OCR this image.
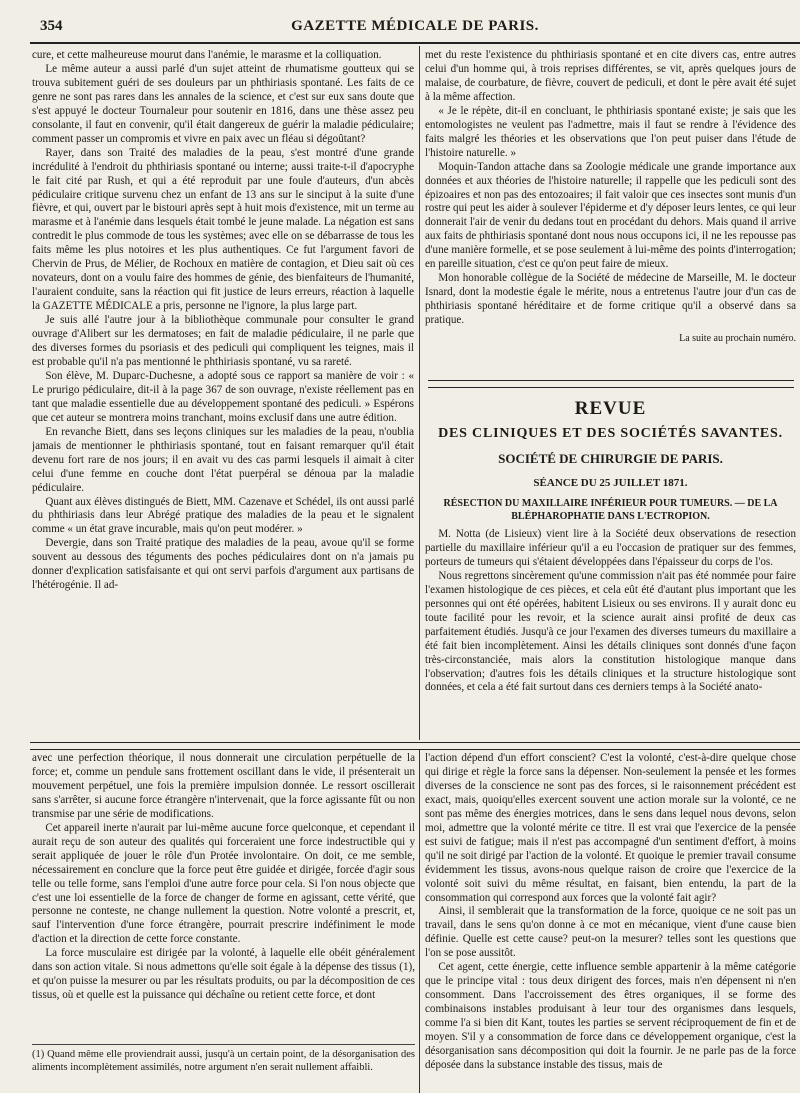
354	GAZETTE MÉDICALE DE PARIS.

cure, et cette malheureuse mourut dans l'anémie, le marasme et la colliquation.

Le même auteur a aussi parlé d'un sujet atteint de rhumatisme goutteux qui se trouva subitement guéri de ses douleurs par un phthiriasis spontané. Les faits de ce genre ne sont pas rares dans les annales de la science, et c'est sur eux sans doute que s'est appuyé le docteur Tournaleur pour soutenir en 1816, dans une thèse assez peu consolante, il faut en convenir, qu'il était dangereux de guérir la maladie pédiculaire; comment passer un compromis et vivre en paix avec un fléau si dégoûtant?

Rayer, dans son Traité des maladies de la peau, s'est montré d'une grande incrédulité à l'endroit du phthiriasis spontané ou interne; aussi traite-t-il d'apocryphe le fait cité par Rush, et qui a été reproduit par une foule d'auteurs, d'un abcès pédiculaire critique survenu chez un enfant de 13 ans sur le sinciput à la suite d'une fièvre, et qui, ouvert par le bistouri après sept à huit mois d'existence, mit un terme au marasme et à l'anémie dans lesquels était tombé le jeune malade. La négation est sans contredit le plus commode de tous les systèmes; avec elle on se débarrasse de tous les faits même les plus notoires et les plus authentiques. Ce fut l'argument favori de Chervin de Prus, de Mélier, de Rochoux en matière de contagion, et Dieu sait où ces novateurs, dont on a voulu faire des hommes de génie, des bienfaiteurs de l'humanité, l'auraient conduite, sans la réaction qui fit justice de leurs erreurs, réaction à laquelle la GAZETTE MÉDICALE a pris, personne ne l'ignore, la plus large part.

Je suis allé l'autre jour à la bibliothèque communale pour consulter le grand ouvrage d'Alibert sur les dermatoses; en fait de maladie pédiculaire, il ne parle que des diverses formes du psoriasis et des pediculi qui compliquent les teignes, mais il est probable qu'il n'a pas mentionné le phthiriasis spontané, vu sa rareté.

Son élève, M. Duparc-Duchesne, a adopté sous ce rapport sa manière de voir : « Le prurigo pédiculaire, dit-il à la page 367 de son ouvrage, n'existe réellement pas en tant que maladie essentielle due au développement spontané des pediculi. » Espérons que cet auteur se montrera moins tranchant, moins exclusif dans une autre édition.

En revanche Biett, dans ses leçons cliniques sur les maladies de la peau, n'oublia jamais de mentionner le phthiriasis spontané, tout en faisant remarquer qu'il était devenu fort rare de nos jours; il en avait vu des cas parmi lesquels il aimait à citer celui d'une femme en couche dont l'état puerpéral se dénoua par la maladie pédiculaire.

Quant aux élèves distingués de Biett, MM. Cazenave et Schédel, ils ont aussi parlé du phthiriasis dans leur Abrégé pratique des maladies de la peau et le signalent comme « un état grave incurable, mais qu'on peut modérer. »

Devergie, dans son Traité pratique des maladies de la peau, avoue qu'il se forme souvent au dessous des téguments des poches pédiculaires dont on n'a jamais pu donner d'explication satisfaisante et qui ont servi parfois d'argument aux partisans de l'hétérogénie. Il ad-

met du reste l'existence du phthiriasis spontané et en cite divers cas, entre autres celui d'un homme qui, à trois reprises différentes, se vit, après quelques jours de malaise, de courbature, de fièvre, couvert de pediculi, et dont le père avait été sujet à la même affection.

« Je le répète, dit-il en concluant, le phthiriasis spontané existe; je sais que les entomologistes ne veulent pas l'admettre, mais il faut se rendre à l'évidence des faits malgré les théories et les observations que l'on peut puiser dans l'étude de l'histoire naturelle. »

Moquin-Tandon attache dans sa Zoologie médicale une grande importance aux données et aux théories de l'histoire naturelle; il rappelle que les pediculi sont des épizoaires et non pas des entozoaires; il fait valoir que ces insectes sont munis d'un rostre qui peut les aider à soulever l'épiderme et d'y déposer leurs lentes, ce qui leur donnerait l'air de venir du dedans tout en procédant du dehors. Mais quand il arrive aux faits de phthiriasis spontané dont nous nous occupons ici, il ne les repousse pas d'une manière formelle, et se pose seulement à lui-même des points d'interrogation; en pareille situation, c'est ce qu'on peut faire de mieux.

Mon honorable collègue de la Société de médecine de Marseille, M. le docteur Isnard, dont la modestie égale le mérite, nous a entretenus l'autre jour d'un cas de phthiriasis spontané héréditaire et de forme critique qu'il a observé dans sa pratique.

La suite au prochain numéro.
REVUE
DES CLINIQUES ET DES SOCIÉTÉS SAVANTES.
SOCIÉTÉ DE CHIRURGIE DE PARIS.
SÉANCE DU 25 JUILLET 1871.
RÉSECTION DU MAXILLAIRE INFÉRIEUR POUR TUMEURS. — DE LA BLÉPHAROPHATIE DANS L'ECTROPION.

M. Notta (de Lisieux) vient lire à la Société deux observations de resection partielle du maxillaire inférieur qu'il a eu l'occasion de pratiquer sur des femmes, porteurs de tumeurs qui s'étaient développées dans l'épaisseur du corps de l'os.

Nous regrettons sincèrement qu'une commission n'ait pas été nommée pour faire l'examen histologique de ces pièces, et cela eût été d'autant plus important que les personnes qui ont été opérées, habitent Lisieux ou ses environs. Il y aurait donc eu toute facilité pour les revoir, et la science aurait ainsi profité de deux cas parfaitement étudiés. Jusqu'à ce jour l'examen des diverses tumeurs du maxillaire a été fait bien incomplètement. Ainsi les détails cliniques sont donnés d'une façon très-circonstanciée, mais alors la constitution histologique manque dans l'observation; d'autres fois les détails cliniques et la structure histologique sont données, et cela a été fait surtout dans ces derniers temps à la Société anato-

avec une perfection théorique, il nous donnerait une circulation perpétuelle de la force; et, comme un pendule sans frottement oscillant dans le vide, il présenterait un mouvement perpétuel, une fois la première impulsion donnée. Le ressort oscillerait sans s'arrêter, si aucune force étrangère n'intervenait, que la force agissante fût ou non transmise par une série de modifications.

Cet appareil inerte n'aurait par lui-même aucune force quelconque, et cependant il aurait reçu de son auteur des qualités qui forceraient une force indestructible qui y serait appliquée de jouer le rôle d'un Protée involontaire. On doit, ce me semble, nécessairement en conclure que la force peut être guidée et dirigée, forcée d'agir sous telle ou telle forme, sans l'emploi d'une autre force pour cela. Si l'on nous objecte que c'est une loi essentielle de la force de changer de forme en agissant, cette vérité, que personne ne conteste, ne change nullement la question. Notre volonté a prescrit, et, sauf l'intervention d'une force étrangère, pourrait prescrire indéfiniment le mode d'action et la direction de cette force constante.

La force musculaire est dirigée par la volonté, à laquelle elle obéit généralement dans son action vitale. Si nous admettons qu'elle soit égale à la dépense des tissus (1), et qu'on puisse la mesurer ou par les résultats produits, ou par la décomposition de ces tissus, où et quelle est la puissance qui déchaîne ou retient cette force, et dont

(1) Quand même elle proviendrait aussi, jusqu'à un certain point, de la désorganisation des aliments incomplètement assimilés, notre argument n'en serait nullement affaibli.

l'action dépend d'un effort conscient? C'est la volonté, c'est-à-dire quelque chose qui dirige et règle la force sans la dépenser. Non-seulement la pensée et les formes diverses de la conscience ne sont pas des forces, si le raisonnement précédent est exact, mais, quoiqu'elles exercent souvent une action morale sur la volonté, ce ne sont pas même des énergies motrices, dans le sens dans lequel nous devons, selon moi, admettre que la volonté mérite ce titre. Il est vrai que l'exercice de la pensée est suivi de fatigue; mais il n'est pas accompagné d'un sentiment d'effort, à moins qu'il ne soit dirigé par l'action de la volonté. Et quoique le premier travail consume évidemment les tissus, avons-nous quelque raison de croire que l'exercice de la volonté soit suivi du même résultat, en faisant, bien entendu, la part de la consommation qui correspond aux forces que la volonté fait agir?

Ainsi, il semblerait que la transformation de la force, quoique ce ne soit pas un travail, dans le sens qu'on donne à ce mot en mécanique, vient d'une cause bien définie. Quelle est cette cause? peut-on la mesurer? telles sont les questions que l'on se pose aussitôt.

Cet agent, cette énergie, cette influence semble appartenir à la même catégorie que le principe vital : tous deux dirigent des forces, mais n'en dépensent ni n'en consomment. Dans l'accroissement des êtres organiques, il se forme des combinaisons instables produisant à leur tour des organismes dans lesquels, comme l'a si bien dit Kant, toutes les parties se servent réciproquement de fin et de moyen. S'il y a consommation de force dans ce développement organique, c'est la désorganisation sans décomposition qui doit la fournir. Je ne parle pas de la force déposée dans la substance instable des tissus, mais de
